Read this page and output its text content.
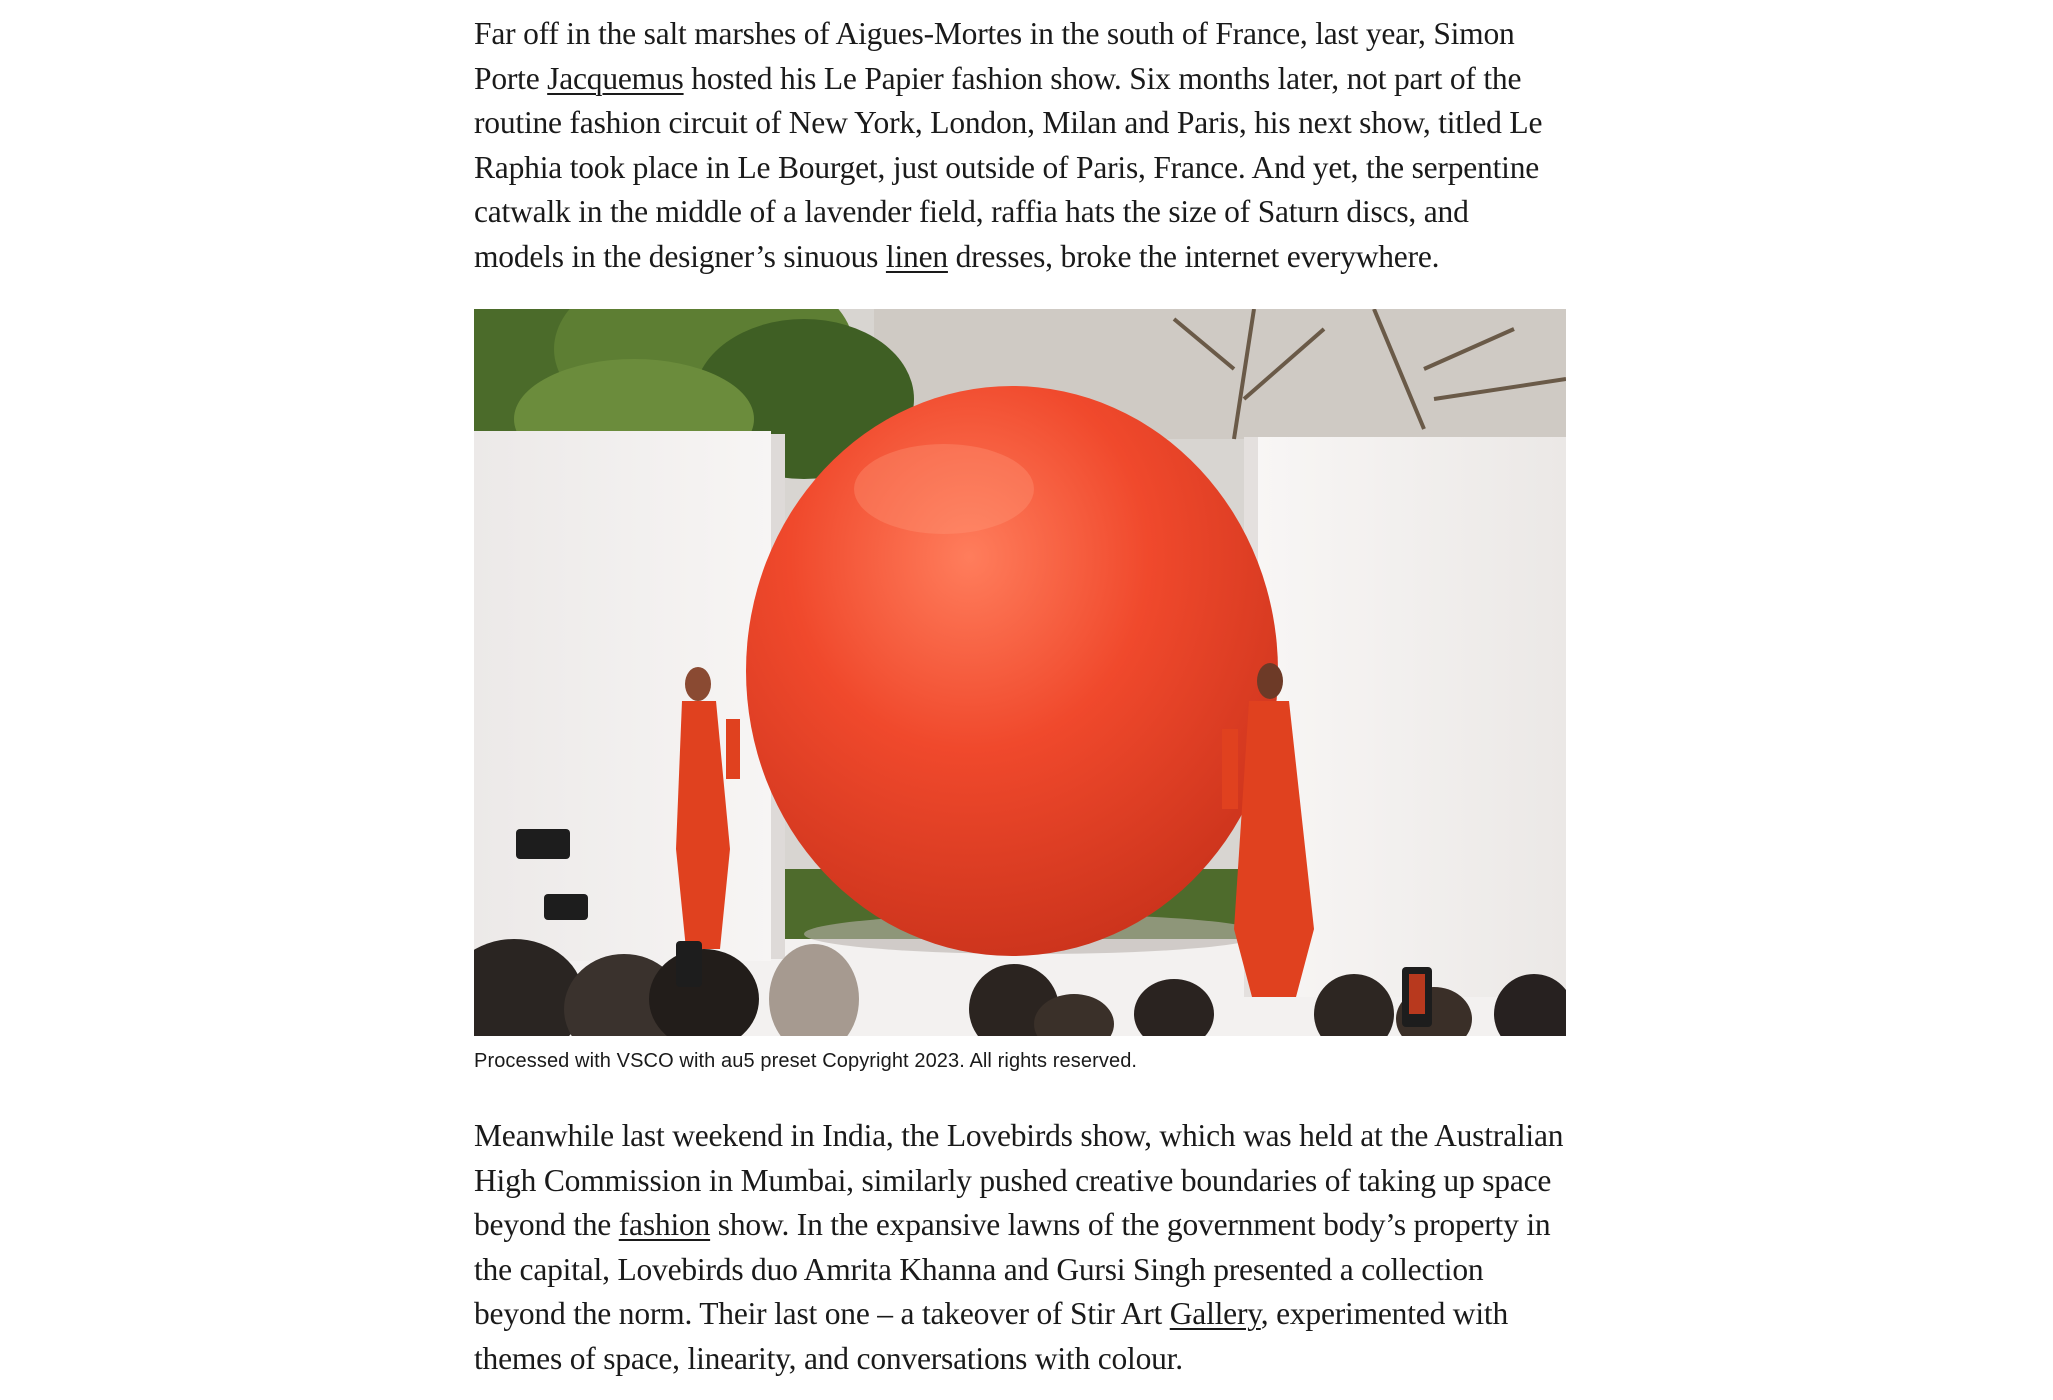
Far off in the salt marshes of Aigues-Mortes in the south of France, last year, Simon Porte Jacquemus hosted his Le Papier fashion show. Six months later, not part of the routine fashion circuit of New York, London, Milan and Paris, his next show, titled Le Raphia took place in Le Bourget, just outside of Paris, France. And yet, the serpentine catwalk in the middle of a lavender field, raffia hats the size of Saturn discs, and models in the designer’s sinuous linen dresses, broke the internet everywhere.

Processed with VSCO with au5 preset Copyright 2023. All rights reserved.

Meanwhile last weekend in India, the Lovebirds show, which was held at the Australian High Commission in Mumbai, similarly pushed creative boundaries of taking up space beyond the fashion show. In the expansive lawns of the government body’s property in the capital, Lovebirds duo Amrita Khanna and Gursi Singh presented a collection beyond the norm. Their last one – a takeover of Stir Art Gallery, experimented with themes of space, linearity, and conversations with colour.
